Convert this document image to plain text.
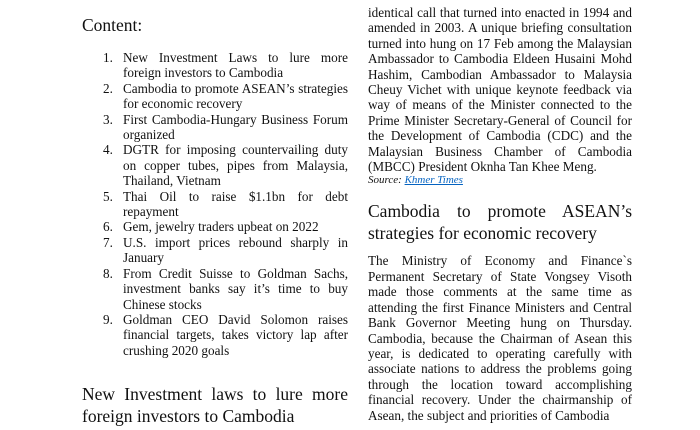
Content:
1. New Investment Laws to lure more foreign investors to Cambodia
2. Cambodia to promote ASEAN’s strategies for economic recovery
3. First Cambodia-Hungary Business Forum organized
4. DGTR for imposing countervailing duty on copper tubes, pipes from Malaysia, Thailand, Vietnam
5. Thai Oil to raise $1.1bn for debt repayment
6. Gem, jewelry traders upbeat on 2022
7. U.S. import prices rebound sharply in January
8. From Credit Suisse to Goldman Sachs, investment banks say it’s time to buy Chinese stocks
9. Goldman CEO David Solomon raises financial targets, takes victory lap after crushing 2020 goals
New Investment laws to lure more foreign investors to Cambodia

identical call that turned into enacted in 1994 and amended in 2003. A unique briefing consultation turned into hung on 17 Feb among the Malaysian Ambassador to Cambodia Eldeen Husaini Mohd Hashim, Cambodian Ambassador to Malaysia Cheuy Vichet with unique keynote feedback via way of means of the Minister connected to the Prime Minister Secretary-General of Council for the Development of Cambodia (CDC) and the Malaysian Business Chamber of Cambodia (MBCC) President Oknha Tan Khee Meng.

Source: Khmer Times

Cambodia to promote ASEAN’s strategies for economic recovery

The Ministry of Economy and Finance`s Permanent Secretary of State Vongsey Visoth made those comments at the same time as attending the first Finance Ministers and Central Bank Governor Meeting hung on Thursday. Cambodia, because the Chairman of Asean this year, is dedicated to operating carefully with associate nations to address the problems going through the location toward accomplishing financial recovery. Under the chairmanship of Asean, the subject and priorities of Cambodia
